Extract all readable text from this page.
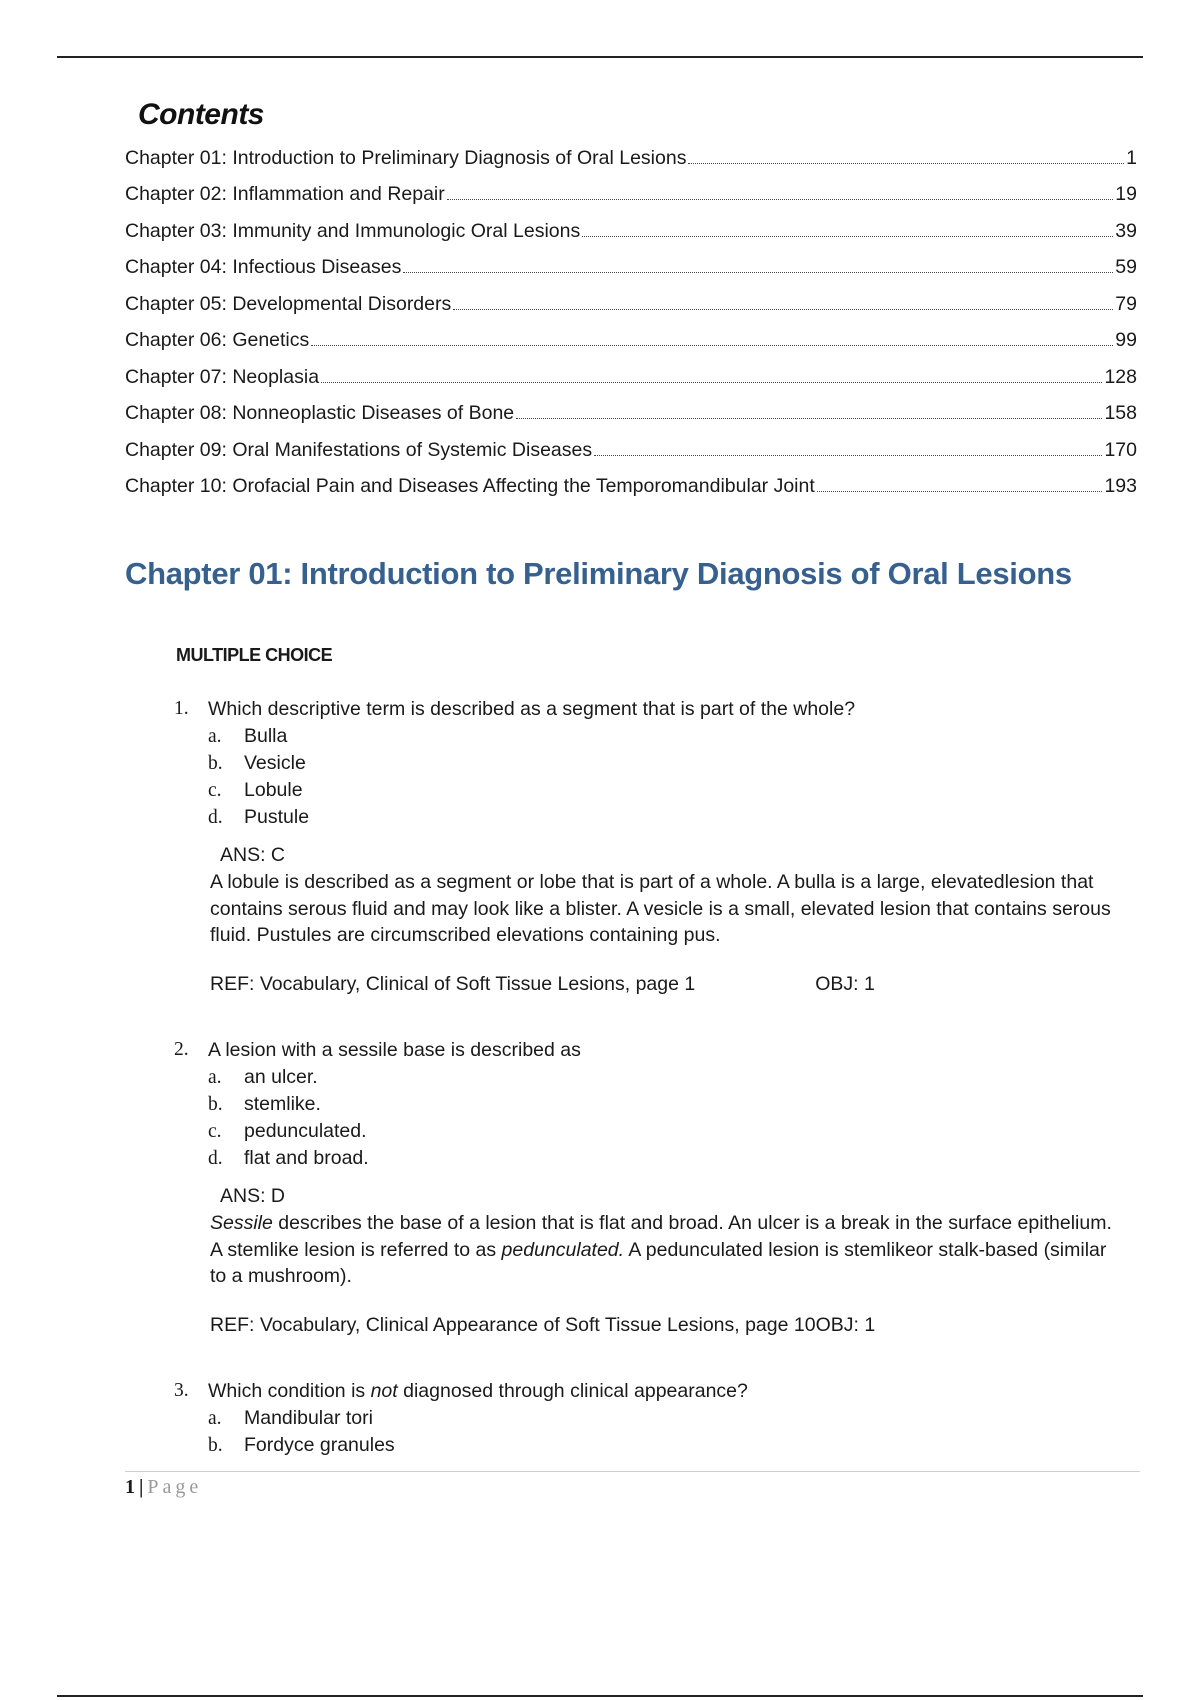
Contents
Chapter 01: Introduction to Preliminary Diagnosis of Oral Lesions	1
Chapter 02: Inflammation and Repair	19
Chapter 03: Immunity and Immunologic Oral Lesions	39
Chapter 04: Infectious Diseases	59
Chapter 05: Developmental Disorders	79
Chapter 06: Genetics	99
Chapter 07: Neoplasia	128
Chapter 08: Nonneoplastic Diseases of Bone	158
Chapter 09: Oral Manifestations of Systemic Diseases	170
Chapter 10: Orofacial Pain and Diseases Affecting the Temporomandibular Joint	193
Chapter 01: Introduction to Preliminary Diagnosis of Oral Lesions
MULTIPLE CHOICE
1. Which descriptive term is described as a segment that is part of the whole?
a.	Bulla
b.	Vesicle
c.	Lobule
d.	Pustule
ANS: C
A lobule is described as a segment or lobe that is part of a whole. A bulla is a large, elevatedlesion that contains serous fluid and may look like a blister. A vesicle is a small, elevated lesion that contains serous fluid. Pustules are circumscribed elevations containing pus.
REF: Vocabulary, Clinical of Soft Tissue Lesions, page 1	OBJ: 1
2. A lesion with a sessile base is described as
a.	an ulcer.
b.	stemlike.
c.	pedunculated.
d.	flat and broad.
ANS: D
Sessile describes the base of a lesion that is flat and broad. An ulcer is a break in the surface epithelium. A stemlike lesion is referred to as pedunculated. A pedunculated lesion is stemlikeor stalk-based (similar to a mushroom).
REF: Vocabulary, Clinical Appearance of Soft Tissue Lesions, page 10OBJ: 1
3. Which condition is not diagnosed through clinical appearance?
a.	Mandibular tori
b.	Fordyce granules
1 | Page
